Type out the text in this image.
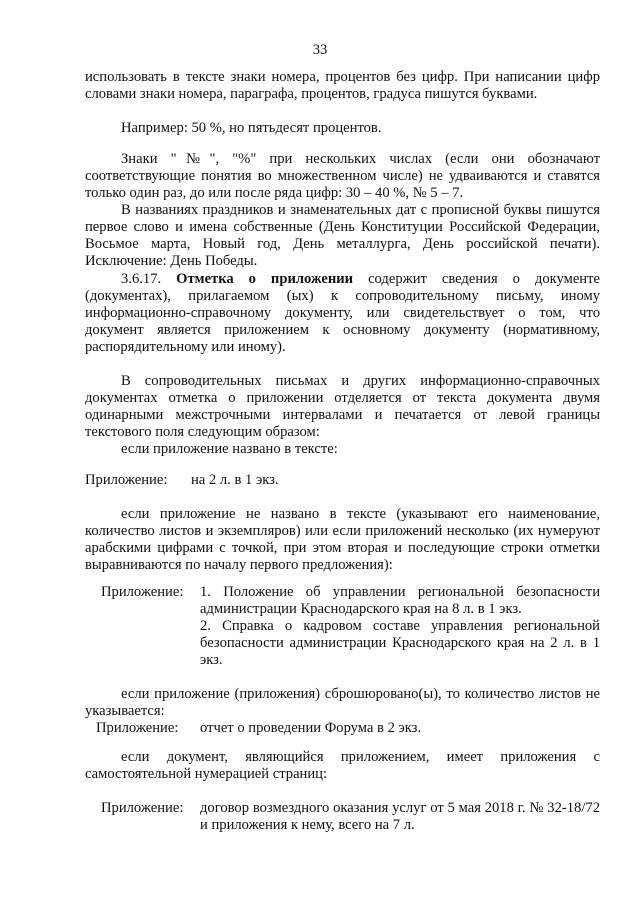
33

использовать в тексте знаки номера, процентов без цифр. При написании цифр словами знаки номера, параграфа, процентов, градуса пишутся буквами.

Например: 50 %, но пятьдесят процентов.

Знаки "№", "%" при нескольких числах (если они обозначают соответствующие понятия во множественном числе) не удваиваются и ставятся только один раз, до или после ряда цифр: 30 – 40 %, № 5 – 7.

В названиях праздников и знаменательных дат с прописной буквы пишутся первое слово и имена собственные (День Конституции Российской Федерации, Восьмое марта, Новый год, День металлурга, День российской печати). Исключение: День Победы.

3.6.17. Отметка о приложении содержит сведения о документе (документах), прилагаемом (ых) к сопроводительному письму, иному информационно-справочному документу, или свидетельствует о том, что документ является приложением к основному документу (нормативному, распорядительному или иному).

В сопроводительных письмах и других информационно-справочных документах отметка о приложении отделяется от текста документа двумя одинарными межстрочными интервалами и печатается от левой границы текстового поля следующим образом:

если приложение названо в тексте:

Приложение: на 2 л. в 1 экз.

если приложение не названо в тексте (указывают его наименование, количество листов и экземпляров) или если приложений несколько (их нумеруют арабскими цифрами с точкой, при этом вторая и последующие строки отметки выравниваются по началу первого предложения):

Приложение: 1. Положение об управлении региональной безопасности администрации Краснодарского края на 8 л. в 1 экз.

2. Справка о кадровом составе управления региональной безопасности администрации Краснодарского края на 2 л. в 1 экз.

если приложение (приложения) сброшюровано(ы), то количество листов не указывается:

Приложение: отчет о проведении Форума в 2 экз.

если документ, являющийся приложением, имеет приложения с самостоятельной нумерацией страниц:

Приложение: договор возмездного оказания услуг от 5 мая 2018 г. № 32-18/72 и приложения к нему, всего на 7 л.
